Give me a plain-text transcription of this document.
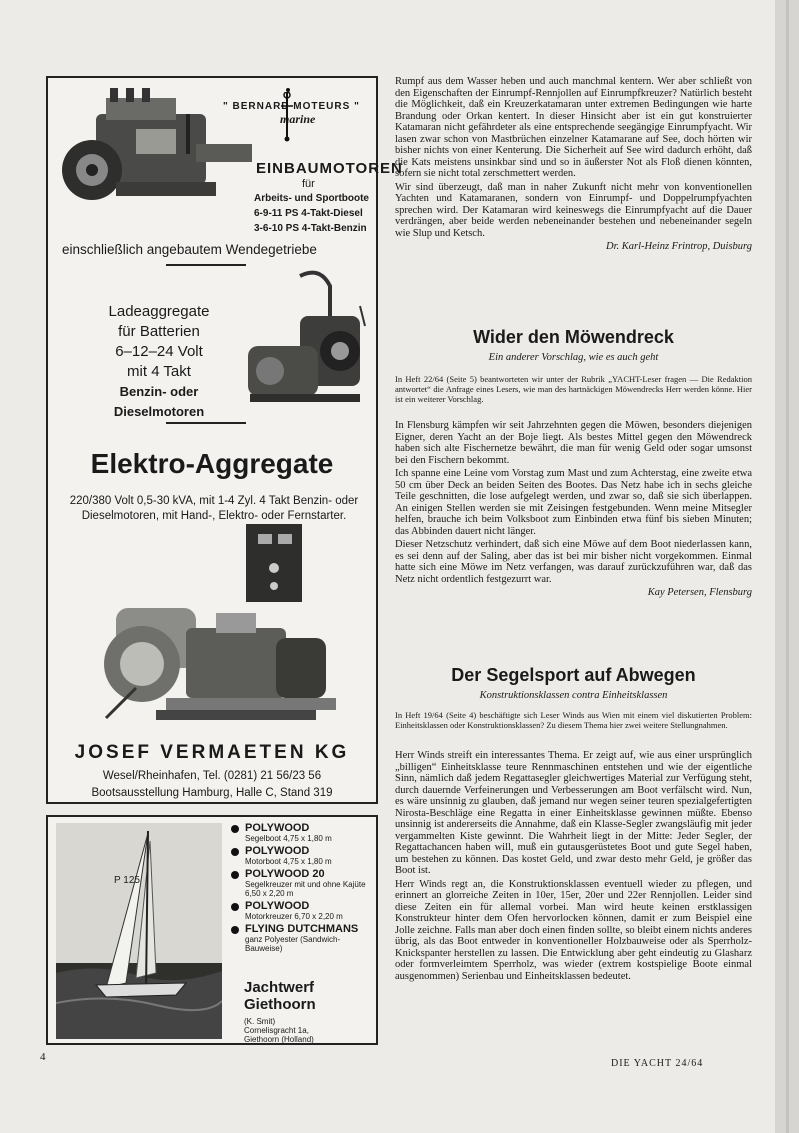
" BERNARD MOTEURS "
marine
EINBAUMOTOREN
für
Arbeits- und Sportboote
6-9-11 PS 4-Takt-Diesel
3-6-10 PS 4-Takt-Benzin
einschließlich angebautem Wendegetriebe
Ladeaggregate
für Batterien
6–12–24 Volt
mit 4 Takt
Benzin- oder Dieselmotoren
Elektro-Aggregate
220/380 Volt 0,5-30 kVA, mit 1-4 Zyl. 4 Takt Benzin- oder Dieselmotoren, mit Hand-, Elektro- oder Fernstarter.
JOSEF VERMAETEN KG
Wesel/Rheinhafen, Tel. (0281) 21 56/23 56
Bootsausstellung Hamburg, Halle C, Stand 319
P 125
POLYWOOD
Segelboot 4,75 x 1,80 m
POLYWOOD
Motorboot 4,75 x 1,80 m
POLYWOOD 20
Segelkreuzer mit und ohne Kajüte 6,50 x 2,20 m
POLYWOOD
Motorkreuzer 6,70 x 2,20 m
FLYING DUTCHMANS
ganz Polyester (Sandwich-Bauweise)
Jachtwerf
Giethoorn
(K. Smit)
Cornelisgracht 1a,
Giethoorn (Holland)

Rumpf aus dem Wasser heben und auch manchmal kentern. Wer aber schließt von den Eigenschaften der Einrumpf-Rennjollen auf Einrumpfkreuzer? Natürlich besteht die Möglichkeit, daß ein Kreuzerkatamaran unter extremen Bedingungen wie harte Brandung oder Orkan kentert. In dieser Hinsicht aber ist ein gut konstruierter Katamaran nicht gefährdeter als eine entsprechende seegängige Einrumpfyacht. Wir lasen zwar schon von Mastbrüchen einzelner Katamarane auf See, doch hörten wir bisher nichts von einer Kenterung. Die Sicherheit auf See wird dadurch erhöht, daß die Kats meistens unsinkbar sind und so in äußerster Not als Floß dienen könnten, sofern sie nicht total zerschmettert werden.

Wir sind überzeugt, daß man in naher Zukunft nicht mehr von konventionellen Yachten und Katamaranen, sondern von Einrumpf- und Doppelrumpfyachten sprechen wird. Der Katamaran wird keineswegs die Einrumpfyacht auf die Dauer verdrängen, aber beide werden nebeneinander bestehen und nebeneinander segeln wie Slup und Ketsch.

Dr. Karl-Heinz Frintrop, Duisburg
Wider den Möwendreck
Ein anderer Vorschlag, wie es auch geht
In Heft 22/64 (Seite 5) beantworteten wir unter der Rubrik „YACHT-Leser fragen — Die Redaktion antwortet“ die Anfrage eines Lesers, wie man des hartnäckigen Möwendrecks Herr werden könne. Hier ist ein weiterer Vorschlag.

In Flensburg kämpfen wir seit Jahrzehnten gegen die Möwen, besonders diejenigen Eigner, deren Yacht an der Boje liegt. Als bestes Mittel gegen den Möwendreck haben sich alte Fischernetze bewährt, die man für wenig Geld oder sogar umsonst bei den Fischern bekommt.

Ich spanne eine Leine vom Vorstag zum Mast und zum Achterstag, eine zweite etwa 50 cm über Deck an beiden Seiten des Bootes. Das Netz habe ich in sechs gleiche Teile geschnitten, die lose aufgelegt werden, und zwar so, daß sie sich überlappen. An einigen Stellen werden sie mit Zeisingen festgebunden. Wenn meine Mitsegler helfen, brauche ich beim Volksboot zum Einbinden etwa fünf bis sieben Minuten; das Abbinden dauert nicht länger.

Dieser Netzschutz verhindert, daß sich eine Möwe auf dem Boot niederlassen kann, es sei denn auf der Saling, aber das ist bei mir bisher nicht vorgekommen. Einmal hatte sich eine Möwe im Netz verfangen, was darauf zurückzuführen war, daß das Netz nicht ordentlich festgezurrt war.

Kay Petersen, Flensburg
Der Segelsport auf Abwegen
Konstruktionsklassen contra Einheitsklassen
In Heft 19/64 (Seite 4) beschäftigte sich Leser Winds aus Wien mit einem viel diskutierten Problem: Einheitsklassen oder Konstruktionsklassen? Zu diesem Thema hier zwei weitere Stellungnahmen.

Herr Winds streift ein interessantes Thema. Er zeigt auf, wie aus einer ursprünglich „billigen“ Einheitsklasse teure Rennmaschinen entstehen und wie der eigentliche Sinn, nämlich daß jedem Regattasegler gleichwertiges Material zur Verfügung steht, durch dauernde Verfeinerungen und Verbesserungen am Boot verfälscht wird. Nun, es wäre unsinnig zu glauben, daß jemand nur wegen seiner teuren spezialgefertigten Nirosta-Beschläge eine Regatta in einer Einheitsklasse gewinnen müßte. Ebenso unsinnig ist andererseits die Annahme, daß ein Klasse-Segler zwangsläufig mit jeder vergammelten Kiste gewinnt. Die Wahrheit liegt in der Mitte: Jeder Segler, der Regattachancen haben will, muß ein gutausgerüstetes Boot und gute Segel haben, um bestehen zu können. Das kostet Geld, und zwar desto mehr Geld, je größer das Boot ist.

Herr Winds regt an, die Konstruktionsklassen eventuell wieder zu pflegen, und erinnert an glorreiche Zeiten in 10er, 15er, 20er und 22er Rennjollen. Leider sind diese Zeiten ein für allemal vorbei. Man wird heute keinen erstklassigen Konstrukteur hinter dem Ofen hervorlocken können, damit er zum Beispiel eine Jolle zeichne. Falls man aber doch einen finden sollte, so bleibt einem nichts anderes übrig, als das Boot entweder in konventioneller Holzbauweise oder als Sperrholz-Knickspanter herstellen zu lassen. Die Entwicklung aber geht eindeutig zu Glasharz oder formverleimtem Sperrholz, was wieder (extrem kostspielige Boote einmal ausgenommen) Serienbau und Einheitsklassen bedeutet.

4
DIE YACHT 24/64
